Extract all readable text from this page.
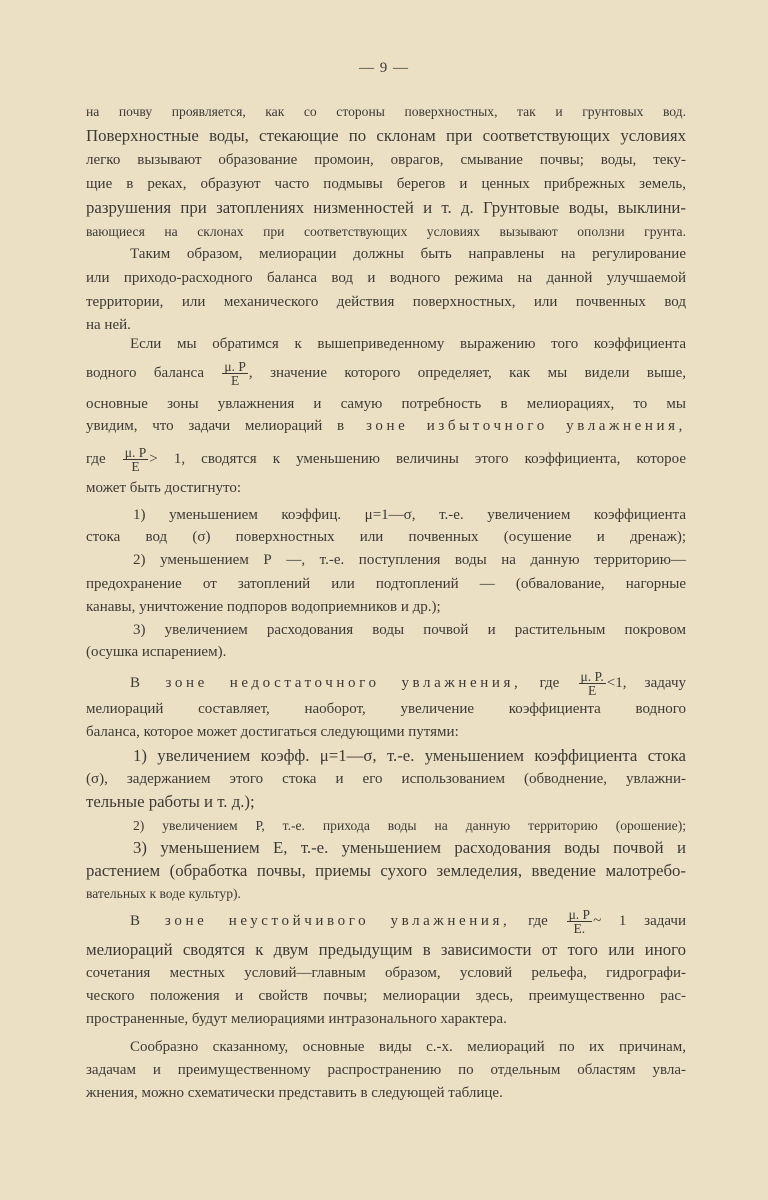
— 9 —
на почву проявляется, как со стороны поверхностных, так и грунтовых вод.
Поверхностные воды, стекающие по склонам при соответствующих условиях
легко вызывают образование промоин, оврагов, смывание почвы; воды, теку-
щие в реках, образуют часто подмывы берегов и ценных прибрежных земель,
разрушения при затоплениях низменностей и т. д. Грунтовые воды, выклини-
вающиеся на склонах при соответствующих условиях вызывают оползни грунта.
Таким образом, мелиорации должны быть направлены на регулирование
или приходо-расходного баланса вод и водного режима на данной улучшаемой
территории, или механического действия поверхностных, или почвенных вод
на ней.
Если мы обратимся к вышеприведенному выражению того коэффициента
водного баланса $\frac{\mu. Р}{Е}$ , значение которого определяет, как мы видели выше,
основные зоны увлажнения и самую потребность в мелиорациях, то мы
увидим, что задачи мелиораций в зоне избыточного увлажнения,
где $\frac{\mu. Р}{Е} > 1$, сводятся к уменьшению величины этого коэффициента, которое
может быть достигнуто:
1) уменьшением коэффиц. μ=1—σ, т.-е. увеличением коэффициента
стока вод (σ) поверхностных или почвенных (осушение и дренаж);
2) уменьшением Р —, т.-е. поступления воды на данную территорию—
предохранение от затоплений или подтоплений — (обвалование, нагорные
канавы, уничтожение подпоров водоприемников и др.);
3) увеличением расходования воды почвой и растительным покровом
(осушка испарением).
В зоне недостаточного увлажнения, где $\frac{\mu. Р.}{Е} <1$, задачу
мелиораций составляет, наоборот, увеличение коэффициента водного
баланса, которое может достигаться следующими путями:
1) увеличением коэфф. μ=1—σ, т.-е. уменьшением коэффициента стока
(σ), задержанием этого стока и его использованием (обводнение, увлажни-
тельные работы и т. д.);
2) увеличением Р, т.-е. прихода воды на данную территорию (орошение);
3) уменьшением Е, т.-е. уменьшением расходования воды почвой и
растением (обработка почвы, приемы сухого земледелия, введение малотребо-
вательных к воде культур).
В зоне неустойчивого увлажнения, где $\frac{\mu. Р}{Е.}$ ~ 1 задачи
мелиораций сводятся к двум предыдущим в зависимости от того или иного
сочетания местных условий—главным образом, условий рельефа, гидрографи-
ческого положения и свойств почвы; мелиорации здесь, преимущественно рас-
пространенные, будут мелиорациями интразонального характера.
Сообразно сказанному, основные виды с.-х. мелиораций по их причинам,
задачам и преимущественному распространению по отдельным областям увла-
жнения, можно схематически представить в следующей таблице.
